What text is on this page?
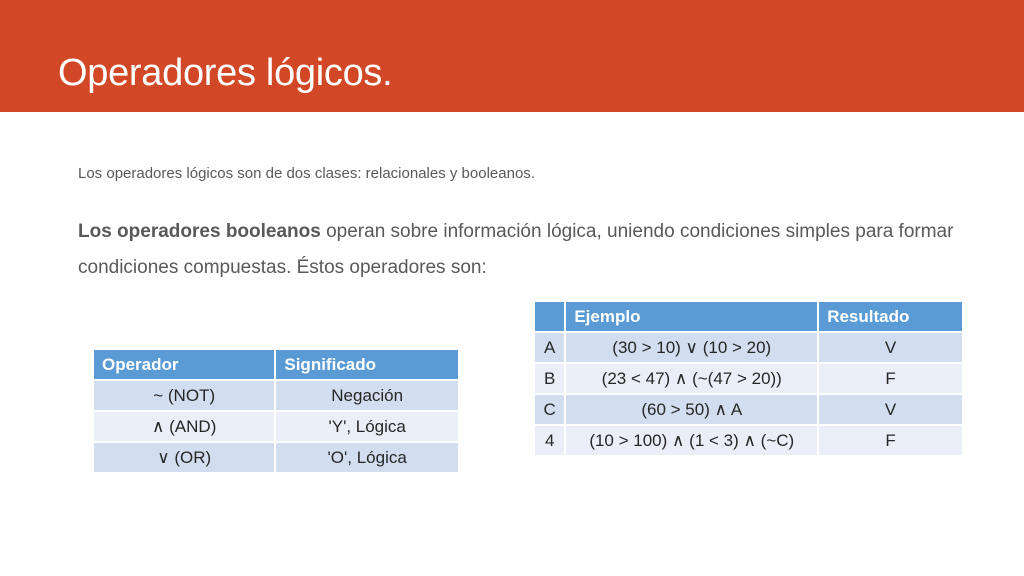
Operadores lógicos.
Los operadores lógicos son de dos clases: relacionales y booleanos.
Los operadores booleanos operan sobre información lógica, uniendo condiciones simples para formar condiciones compuestas. Éstos operadores son:
Operador	Significado
~ (NOT)	Negación
∧ (AND)	'Y', Lógica
∨ (OR)	'O', Lógica
	Ejemplo	Resultado
A	(30 > 10) ∨ (10 > 20)	V
B	(23 < 47) ∧ (~(47 > 20))	F
C	(60 > 50) ∧ A	V
4	(10 > 100) ∧ (1 < 3) ∧ (~C)	F
